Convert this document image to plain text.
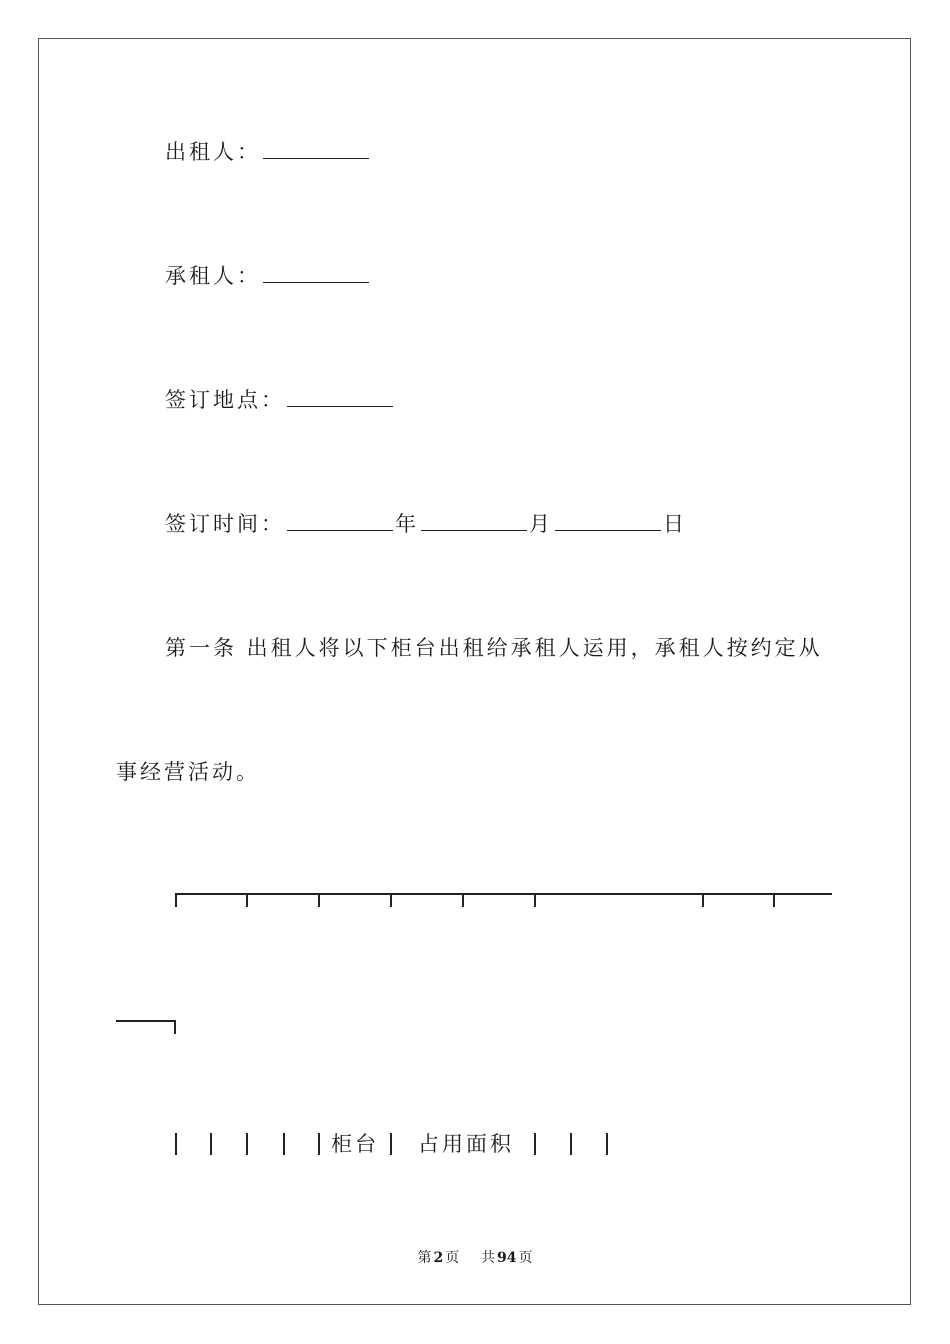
出租人：
承租人：
签订地点：
签订时间：	年	月	日
第一条 出租人将以下柜台出租给承租人运用，承租人按约定从
事经营活动。
柜台 占用面积
第 2 页 共 94 页
